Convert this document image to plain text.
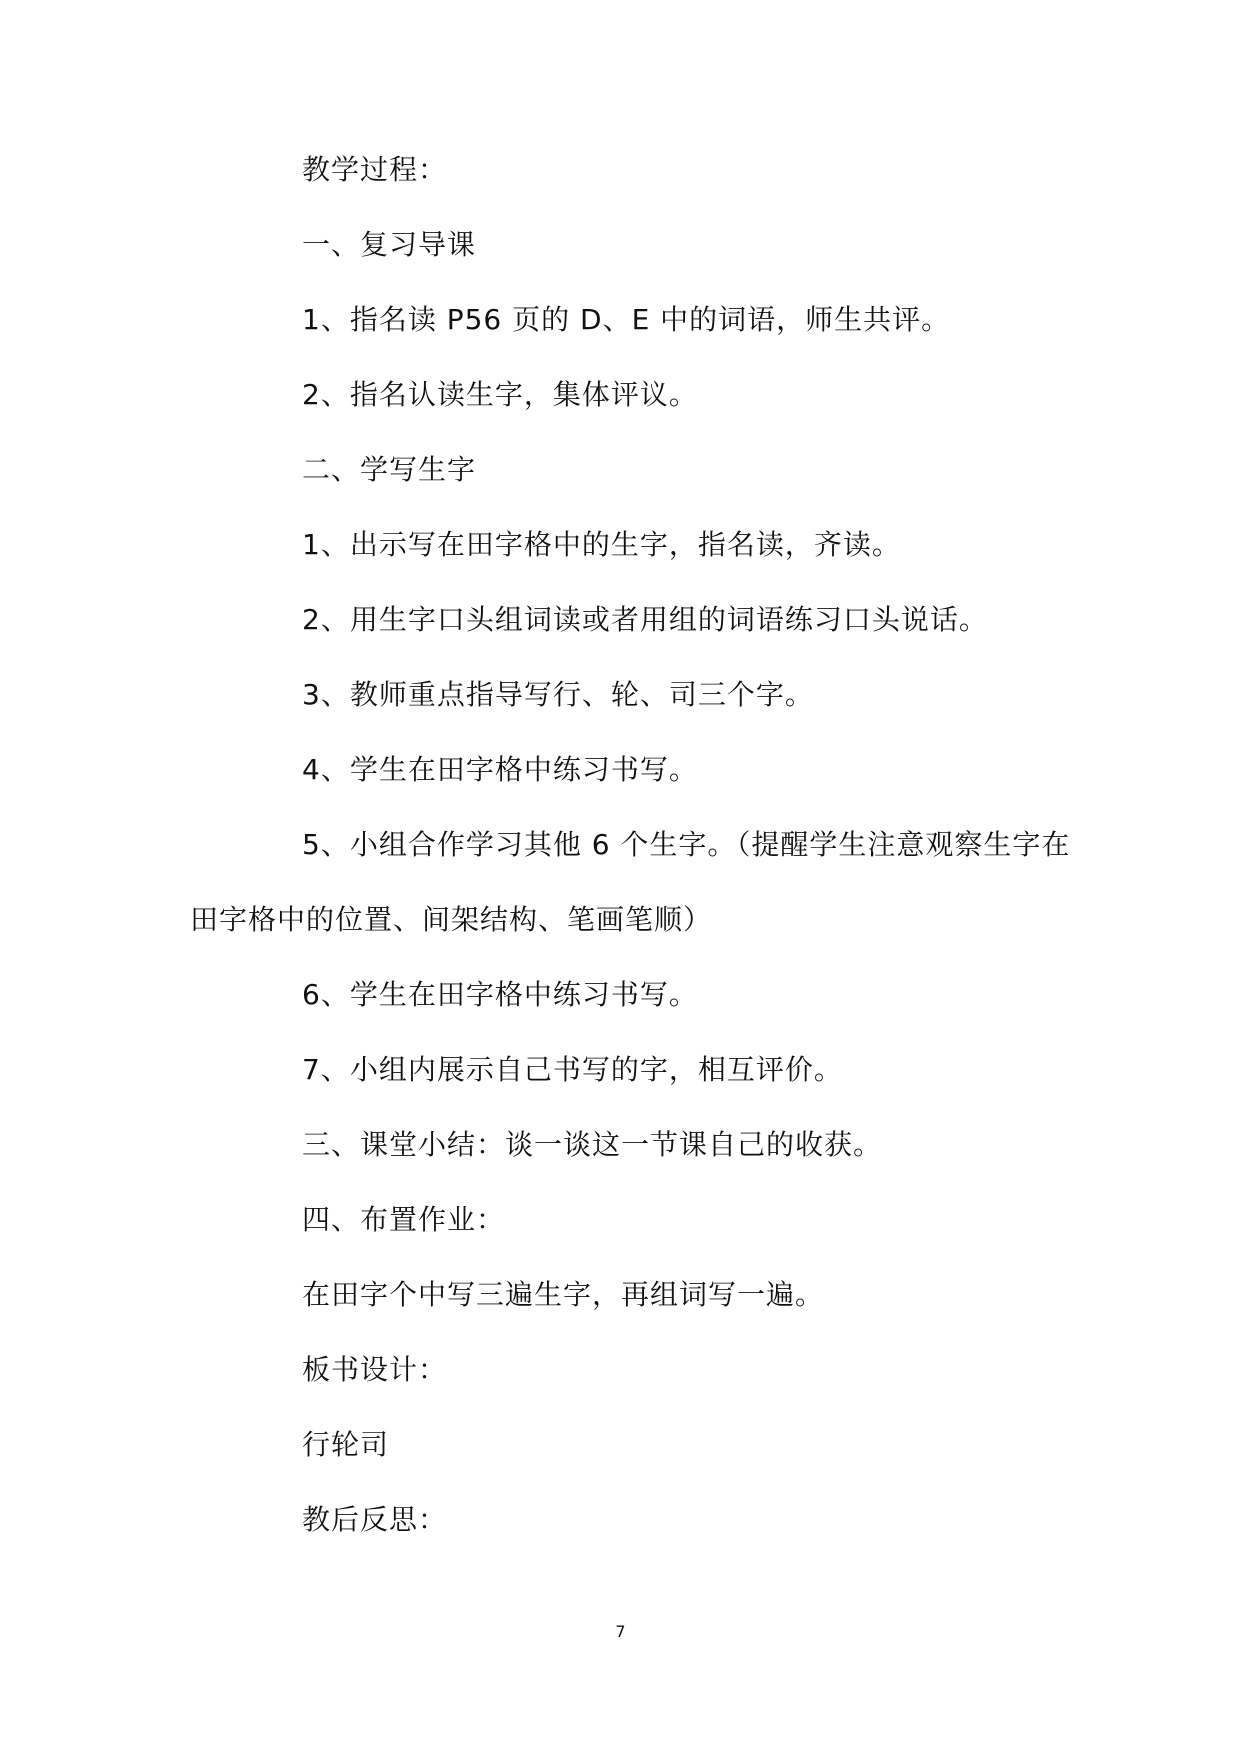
教学过程：
一、复习导课
1、指名读 P56 页的 D、E 中的词语，师生共评。
2、指名认读生字，集体评议。
二、学写生字
1、出示写在田字格中的生字，指名读，齐读。
2、用生字口头组词读或者用组的词语练习口头说话。
3、教师重点指导写行、轮、司三个字。
4、学生在田字格中练习书写。
5、小组合作学习其他 6 个生字。（提醒学生注意观察生字在
田字格中的位置、间架结构、笔画笔顺）
6、学生在田字格中练习书写。
7、小组内展示自己书写的字，相互评价。
三、课堂小结：谈一谈这一节课自己的收获。
四、布置作业：
在田字个中写三遍生字，再组词写一遍。
板书设计：
行轮司
教后反思：
7
